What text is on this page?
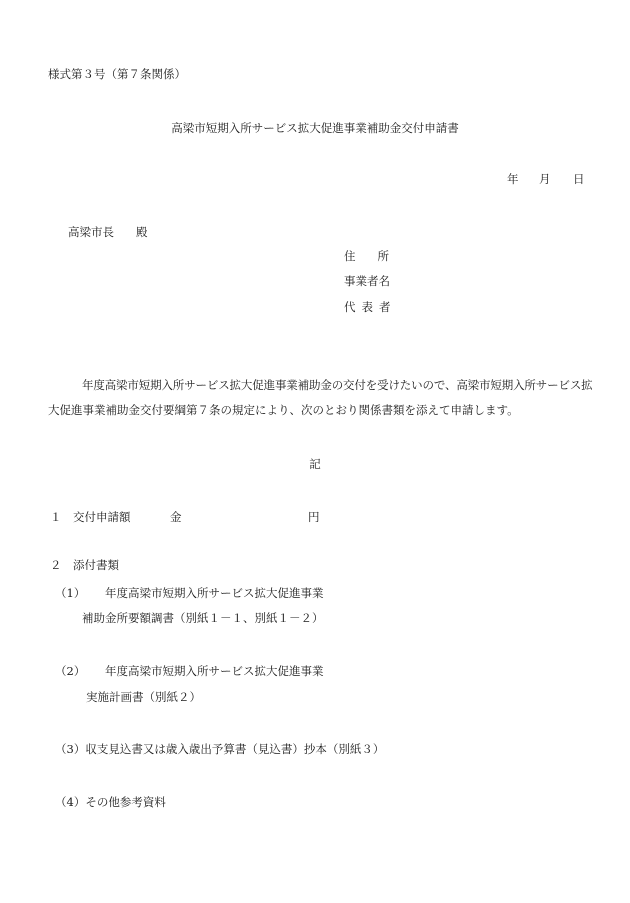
様式第３号（第７条関係）
高梁市短期入所サービス拡大促進事業補助金交付申請書
年 月 日
高梁市長 殿
住 所
事業者名
代 表 者
年度高梁市短期入所サービス拡大促進事業補助金の交付を受けたいので、高梁市短期入所サービス拡
大促進事業補助金交付要綱第７条の規定により、次のとおり関係書類を添えて申請します。
記
１　交付申請額	金	円
２　添付書類
（1） 年度高梁市短期入所サービス拡大促進事業
補助金所要額調書（別紙１－１、別紙１－２）
（2） 年度高梁市短期入所サービス拡大促進事業
実施計画書（別紙２）
（3）収支見込書又は歳入歳出予算書（見込書）抄本（別紙３）
（4）その他参考資料
